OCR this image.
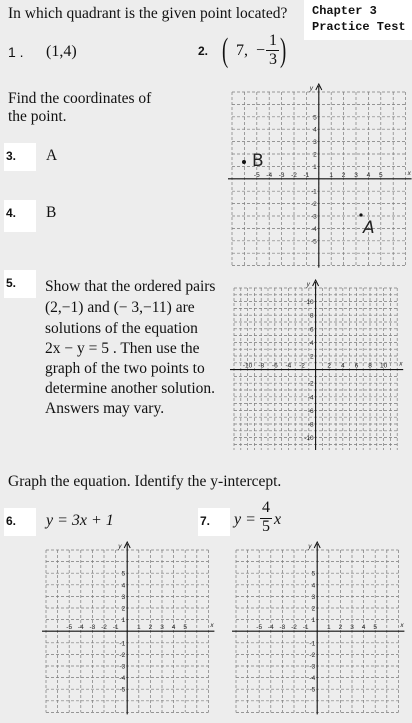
In which quadrant is the given point located? Chapter 3
Practice Test
1 . (1,4)	2. ( 7, −
1
3 )
Find the coordinates of
the point.
3.	A
4.	B
5.	Show that the ordered pairs
(2,−1) and (− 3,−11) are
solutions of the equation
2x − y = 5 . Then use the
graph of the two points to
determine another solution.
Answers may vary.
Graph the equation. Identify the y-intercept.
6.	y = 3x + 1	7.	y =
4
5 x
y
x
-5 -4 -3 -2 -1	1 2 3 4 5
5
4
3
2
1
-1
-2
-3
-4
-5
B
A
y
x
-10 -8 -6 -4 -2	2 4 6 8 10
10
8
6
4
2
-2
-4
-6
-8
-10
y
x
-5 -4 -3 -2 -1	1 2 3 4 5
5
4
3
2
1
-1
-2
-3
-4
-5
y
x
-5 -4 -3 -2 -1	1 2 3 4 5
5
4
3
2
1
-1
-2
-3
-4
-5
